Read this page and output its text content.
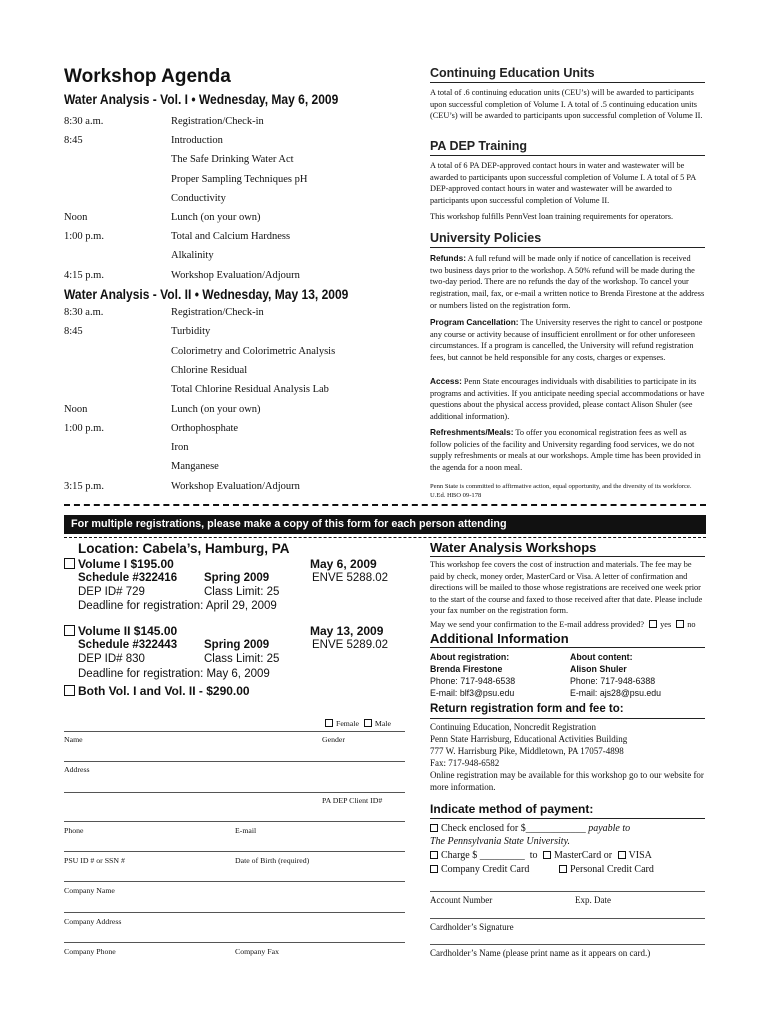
Workshop Agenda
Water Analysis - Vol. I • Wednesday, May 6, 2009
8:30 a.m.	Registration/Check-in
8:45	Introduction
The Safe Drinking Water Act
Proper Sampling Techniques pH
Conductivity
Noon	Lunch (on your own)
1:00 p.m.	Total and Calcium Hardness
Alkalinity
4:15 p.m.	Workshop Evaluation/Adjourn
Water Analysis - Vol. II • Wednesday, May 13, 2009
8:30 a.m.	Registration/Check-in
8:45	Turbidity
Colorimetry and Colorimetric Analysis
Chlorine Residual
Total Chlorine Residual Analysis Lab
Noon	Lunch (on your own)
1:00 p.m.	Orthophosphate
Iron
Manganese
3:15 p.m.	Workshop Evaluation/Adjourn
Continuing Education Units
A total of .6 continuing education units (CEU’s) will be awarded to participants upon successful completion of Volume I. A total of .5 continuing education units (CEU’s) will be awarded to participants upon successful completion of Volume II.
PA DEP Training
A total of 6 PA DEP-approved contact hours in water and wastewater will be awarded to participants upon successful completion of Volume I. A total of 5 PA DEP-approved contact hours in water and wastewater will be awarded to participants upon successful completion of Volume II.
This workshop fulfills PennVest loan training requirements for operators.
University Policies
Refunds: A full refund will be made only if notice of cancellation is received two business days prior to the workshop. A 50% refund will be made during the two-day period. There are no refunds the day of the workshop. To cancel your registration, mail, fax, or e-mail a written notice to Brenda Firestone at the address or numbers listed on the registration form.
Program Cancellation: The University reserves the right to cancel or postpone any course or activity because of insufficient enrollment or for other unforeseen circumstances. If a program is cancelled, the University will refund registration fees, but cannot be held responsible for any costs, charges or expenses.
Access: Penn State encourages individuals with disabilities to participate in its programs and activities. If you anticipate needing special accommodations or have questions about the physical access provided, please contact Alison Shuler (see additional information).
Refreshments/Meals: To offer you economical registration fees as well as follow policies of the facility and University regarding food services, we do not supply refreshments or meals at our workshops. Ample time has been provided in the agenda for a noon meal.
Penn State is committed to affirmative action, equal opportunity, and the diversity of its workforce. U.Ed. HBO 09-178
For multiple registrations, please make a copy of this form for each person attending
Location: Cabela’s, Hamburg, PA
Volume I $195.00	May 6, 2009
Schedule #322416 Spring 2009	ENVE 5288.02
DEP ID# 729	Class Limit: 25
Deadline for registration: April 29, 2009
Volume II $145.00	May 13, 2009
Schedule #322443 Spring 2009	ENVE 5289.02
DEP ID# 830	Class Limit: 25
Deadline for registration: May 6, 2009
Both Vol. I and Vol. II - $290.00
Female Male
Name	Gender
Address
PA DEP Client ID#
Phone	E-mail
PSU ID # or SSN #	Date of Birth (required)
Company Name
Company Address
Company Phone	Company Fax
Water Analysis Workshops
This workshop fee covers the cost of instruction and materials. The fee may be paid by check, money order, MasterCard or Visa. A letter of confirmation and directions will be mailed to those whose registrations are received one week prior to the start of the course and faxed to those received after that date. Please include your fax number on the registration form.
May we send your confirmation to the E-mail address provided? yes no
Additional Information
About registration:
Brenda Firestone
Phone: 717-948-6538
E-mail: blf3@psu.edu
About content:
Alison Shuler
Phone: 717-948-6388
E-mail: ajs28@psu.edu
Return registration form and fee to:
Continuing Education, Noncredit Registration
Penn State Harrisburg, Educational Activities Building
777 W. Harrisburg Pike, Middletown, PA 17057-4898
Fax: 717-948-6582
Online registration may be available for this workshop go to our website for more information.
Indicate method of payment:
Check enclosed for $____________ payable to
The Pennsylvania State University.
Charge $ _________ to MasterCard or VISA
Company Credit Card	Personal Credit Card
Account Number	Exp. Date
Cardholder’s Signature
Cardholder’s Name (please print name as it appears on card.)
